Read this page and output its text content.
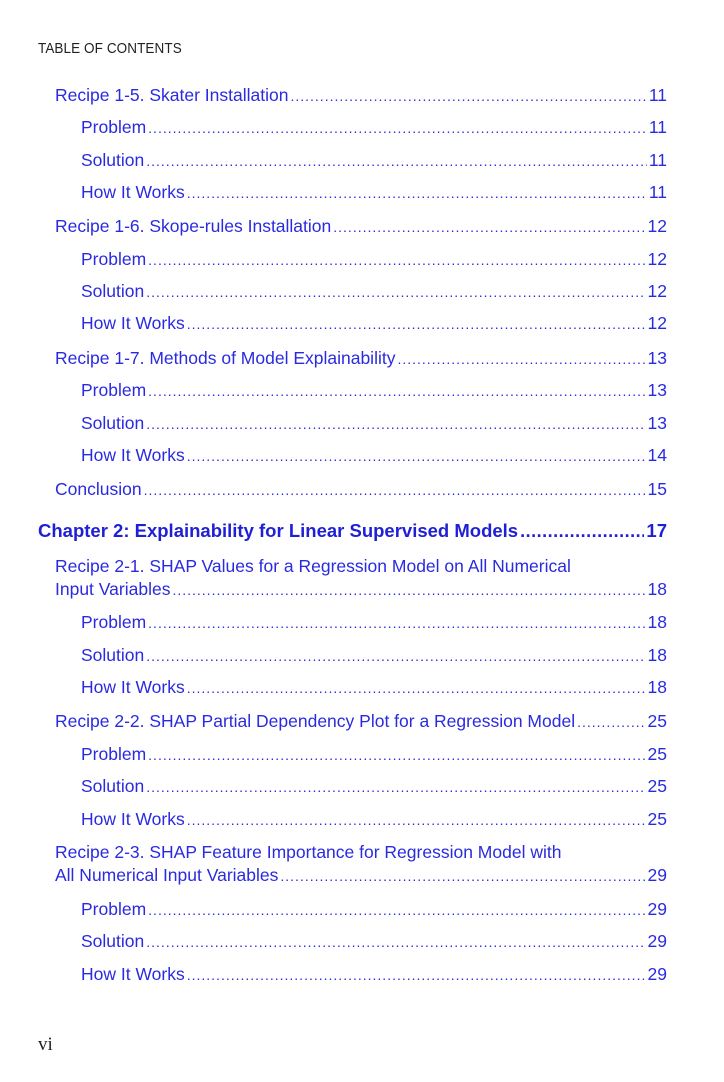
TABLE OF CONTENTS
Recipe 1-5. Skater Installation .....	11
Problem .....	11
Solution .....	11
How It Works .....	11
Recipe 1-6. Skope-rules Installation .....	12
Problem .....	12
Solution .....	12
How It Works .....	12
Recipe 1-7. Methods of Model Explainability .....	13
Problem .....	13
Solution .....	13
How It Works .....	14
Conclusion .....	15
Chapter 2: Explainability for Linear Supervised Models .....	17
Recipe 2-1. SHAP Values for a Regression Model on All Numerical
Input Variables .....	18
Problem .....	18
Solution .....	18
How It Works .....	18
Recipe 2-2. SHAP Partial Dependency Plot for a Regression Model .....	25
Problem .....	25
Solution .....	25
How It Works .....	25
Recipe 2-3. SHAP Feature Importance for Regression Model with
All Numerical Input Variables .....	29
Problem .....	29
Solution .....	29
How It Works .....	29
vi
